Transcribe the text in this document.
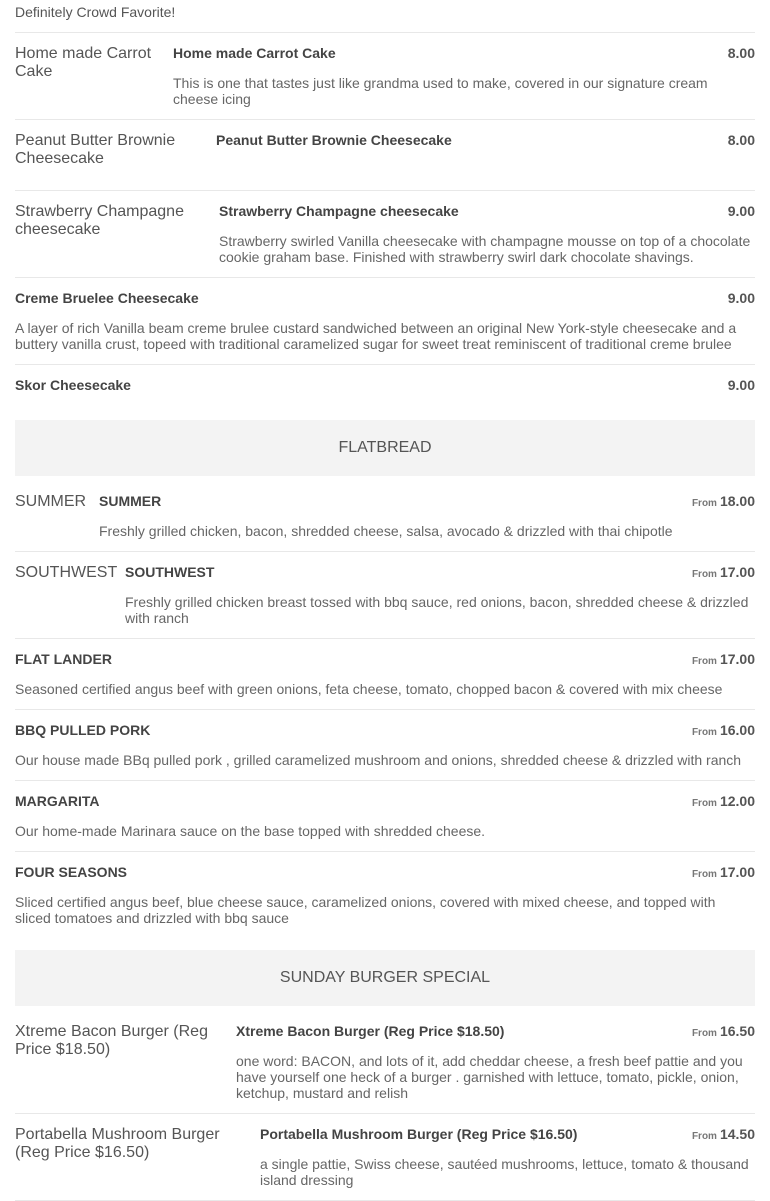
Definitely Crowd Favorite!
Home made Carrot Cake
Home made Carrot Cake	8.00
This is one that tastes just like grandma used to make, covered in our signature cream cheese icing
Peanut Butter Brownie Cheesecake
Peanut Butter Brownie Cheesecake	8.00
Strawberry Champagne cheesecake
Strawberry Champagne cheesecake	9.00
Strawberry swirled Vanilla cheesecake with champagne mousse on top of a chocolate cookie graham base. Finished with strawberry swirl dark chocolate shavings.
Creme Bruelee Cheesecake	9.00
A layer of rich Vanilla beam creme brulee custard sandwiched between an original New York-style cheesecake and a buttery vanilla crust, topeed with traditional caramelized sugar for sweet treat reminiscent of traditional creme brulee
Skor Cheesecake	9.00
FLATBREAD
SUMMER SUMMER	From 18.00
Freshly grilled chicken, bacon, shredded cheese, salsa, avocado & drizzled with thai chipotle
SOUTHWEST SOUTHWEST	From 17.00
Freshly grilled chicken breast tossed with bbq sauce, red onions, bacon, shredded cheese & drizzled with ranch
FLAT LANDER	From 17.00
Seasoned certified angus beef with green onions, feta cheese, tomato, chopped bacon & covered with mix cheese
BBQ PULLED PORK	From 16.00
Our house made BBq pulled pork , grilled caramelized mushroom and onions, shredded cheese & drizzled with ranch
MARGARITA	From 12.00
Our home-made Marinara sauce on the base topped with shredded cheese.
FOUR SEASONS	From 17.00
Sliced certified angus beef, blue cheese sauce, caramelized onions, covered with mixed cheese, and topped with sliced tomatoes and drizzled with bbq sauce
SUNDAY BURGER SPECIAL
Xtreme Bacon Burger (Reg Price $18.50)
Xtreme Bacon Burger (Reg Price $18.50)	From 16.50
one word: BACON, and lots of it, add cheddar cheese, a fresh beef pattie and you have yourself one heck of a burger . garnished with lettuce, tomato, pickle, onion, ketchup, mustard and relish
Portabella Mushroom Burger (Reg Price $16.50)
Portabella Mushroom Burger (Reg Price $16.50)	From 14.50
a single pattie, Swiss cheese, sautéed mushrooms, lettuce, tomato & thousand island dressing
